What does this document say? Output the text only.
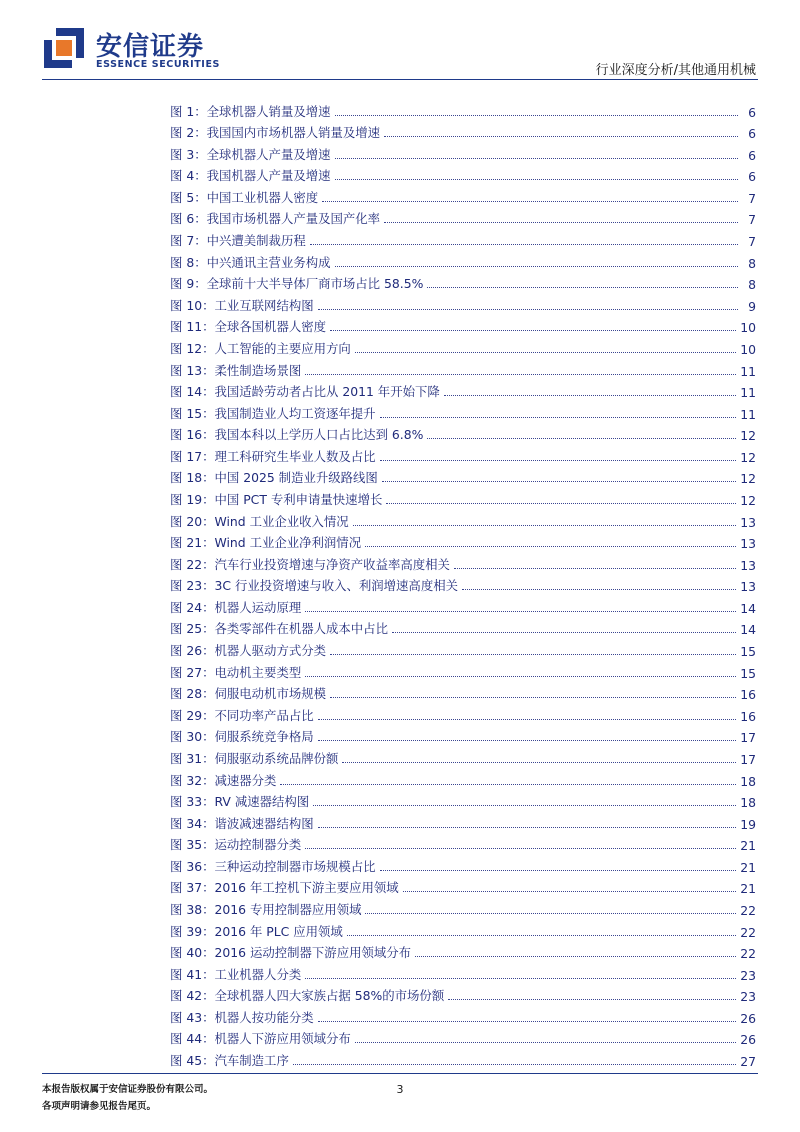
安信证券
ESSENCE SECURITIES	行业深度分析/其他通用机械
图 1：全球机器人销量及增速	6
图 2：我国国内市场机器人销量及增速	6
图 3：全球机器人产量及增速	6
图 4：我国机器人产量及增速	6
图 5：中国工业机器人密度	7
图 6：我国市场机器人产量及国产化率	7
图 7：中兴遭美制裁历程	7
图 8：中兴通讯主营业务构成	8
图 9：全球前十大半导体厂商市场占比 58.5%	8
图 10：工业互联网结构图	9
图 11：全球各国机器人密度	10
图 12：人工智能的主要应用方向	10
图 13：柔性制造场景图	11
图 14：我国适龄劳动者占比从 2011 年开始下降	11
图 15：我国制造业人均工资逐年提升	11
图 16：我国本科以上学历人口占比达到 6.8%	12
图 17：理工科研究生毕业人数及占比	12
图 18：中国 2025 制造业升级路线图	12
图 19：中国 PCT 专利申请量快速增长	12
图 20：Wind 工业企业收入情况	13
图 21：Wind 工业企业净利润情况	13
图 22：汽车行业投资增速与净资产收益率高度相关	13
图 23：3C 行业投资增速与收入、利润增速高度相关	13
图 24：机器人运动原理	14
图 25：各类零部件在机器人成本中占比	14
图 26：机器人驱动方式分类	15
图 27：电动机主要类型	15
图 28：伺服电动机市场规模	16
图 29：不同功率产品占比	16
图 30：伺服系统竞争格局	17
图 31：伺服驱动系统品牌份额	17
图 32：减速器分类	18
图 33：RV 减速器结构图	18
图 34：谐波减速器结构图	19
图 35：运动控制器分类	21
图 36：三种运动控制器市场规模占比	21
图 37：2016 年工控机下游主要应用领域	21
图 38：2016 专用控制器应用领域	22
图 39：2016 年 PLC 应用领域	22
图 40：2016 运动控制器下游应用领域分布	22
图 41：工业机器人分类	23
图 42：全球机器人四大家族占据 58%的市场份额	23
图 43：机器人按功能分类	26
图 44：机器人下游应用领域分布	26
图 45：汽车制造工序	27
本报告版权属于安信证券股份有限公司。
各项声明请参见报告尾页。
3
